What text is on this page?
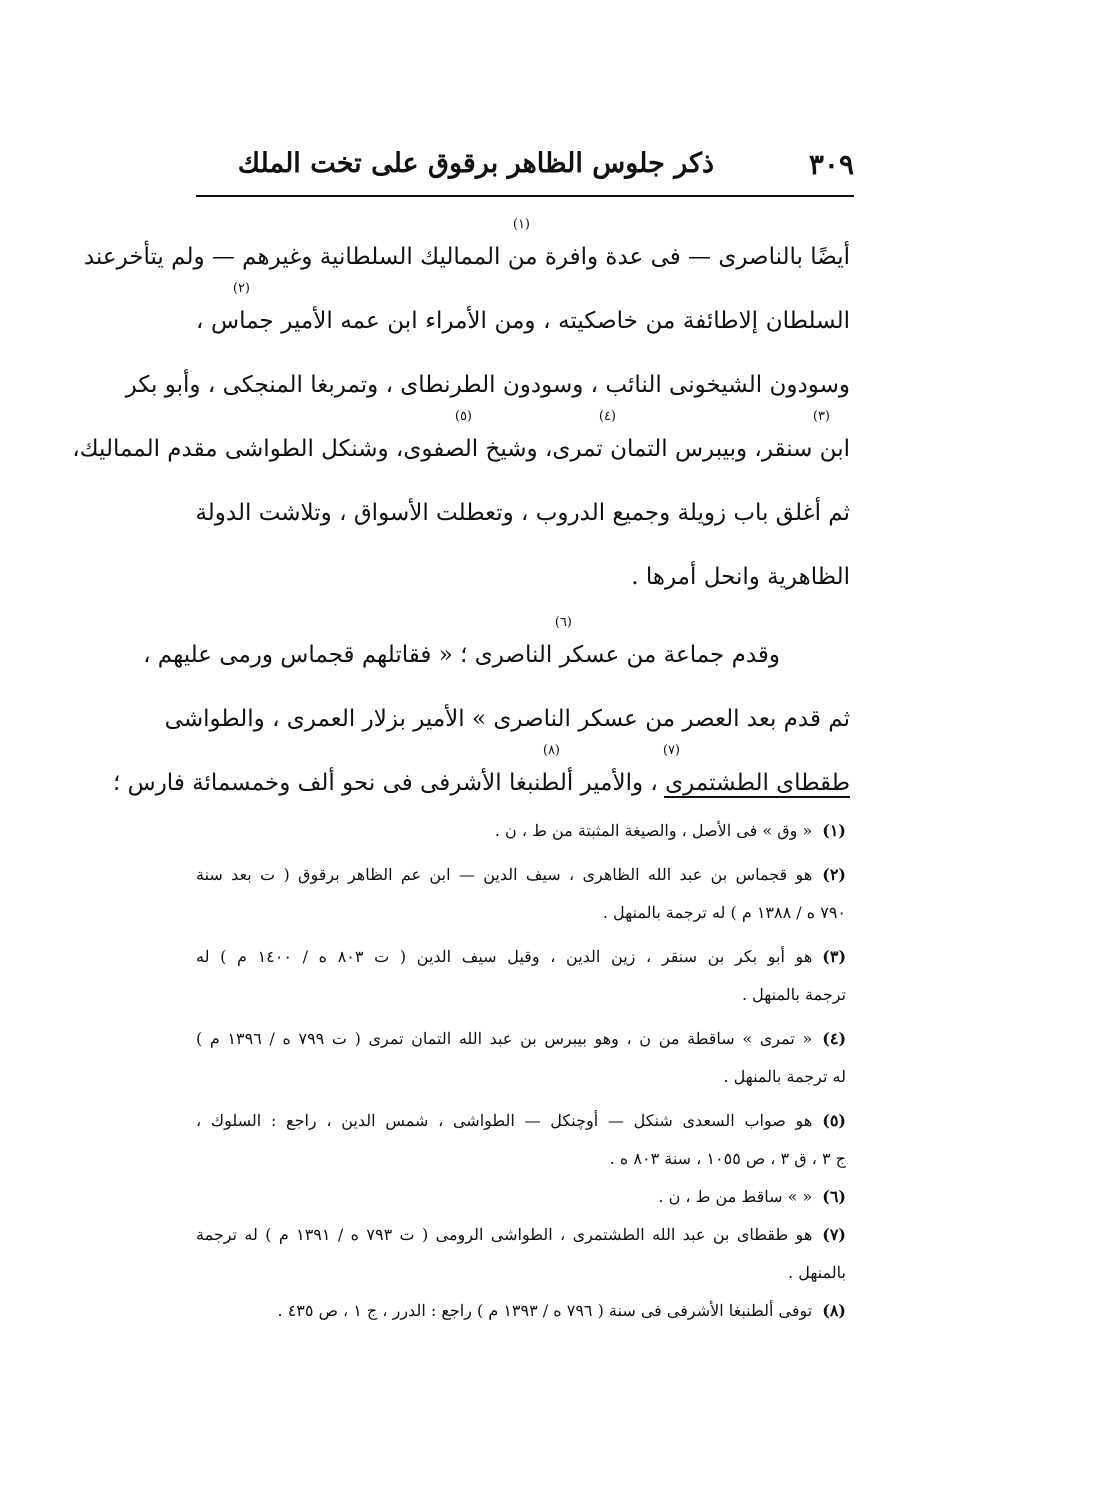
٣٠٩
ذكر جلوس الظاهر برقوق على تخت الملك
(١)
أيضًا بالناصرى — فى عدة وافرة من المماليك السلطانية وغيرهم — ولم يتأخرعند
(٢)
السلطان إلاطائفة من خاصكيته ، ومن الأمراء ابن عمه الأمير جماس ،
وسودون الشيخونى النائب ، وسودون الطرنطاى ، وتمربغا المنجكى ، وأبو بكر
(٣)
(٤)
(٥)
ابن سنقر، وبيبرس التمان تمرى، وشيخ الصفوى، وشنكل الطواشى مقدم المماليك،
ثم أغلق باب زويلة وجميع الدروب ، وتعطلت الأسواق ، وتلاشت الدولة
الظاهرية وانحل أمرها .
(٦)
وقدم جماعة من عسكر الناصرى ؛ « فقاتلهم قجماس ورمى عليهم ،
ثم قدم بعد العصر من عسكر الناصرى » الأمير بزلار العمرى ، والطواشى
(٧)
(٨)
طقطاى الطشتمرى ، والأمير ألطنبغا الأشرفى فى نحو ألف وخمسمائة فارس ؛
(١)« وق » فى الأصل ، والصيغة المثبتة من ط ، ن .
(٢)هو قجماس بن عبد الله الظاهرى ، سيف الدين — ابن عم الظاهر برقوق ( ت بعد سنة
٧٩٠ ه / ١٣٨٨ م ) له ترجمة بالمنهل .
(٣)هو أبو بكر بن سنقر ، زين الدين ، وقيل سيف الدين ( ت ٨٠٣ ه / ١٤٠٠ م ) له
ترجمة بالمنهل .
(٤)« تمرى » ساقطة من ن ، وهو بيبرس بن عبد الله التمان تمرى ( ت ٧٩٩ ه / ١٣٩٦ م )
له ترجمة بالمنهل .
(٥)هو صواب السعدى شنكل — أوچنكل — الطواشى ، شمس الدين ، راجع : السلوك ،
ج ٣ ، ق ٣ ، ص ١٠٥٥ ، سنة ٨٠٣ ه .
(٦)« » ساقط من ط ، ن .
(٧)هو طقطاى بن عبد الله الطشتمرى ، الطواشى الرومى ( ت ٧٩٣ ه / ١٣٩١ م ) له ترجمة
بالمنهل .
(٨)توفى ألطنبغا الأشرفى فى سنة ( ٧٩٦ ه / ١٣٩٣ م ) راجع : الدرر ، ج ١ ، ص ٤٣٥ .
